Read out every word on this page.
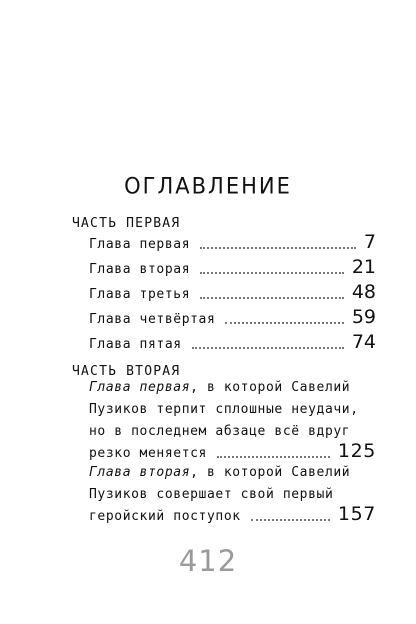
ОГЛАВЛЕНИЕ
ЧАСТЬ ПЕРВАЯ
Глава первая	7
Глава вторая	21
Глава третья	48
Глава четвёртая	59
Глава пятая	74
ЧАСТЬ ВТОРАЯ
Глава первая , в которой Савелий
Пузиков терпит сплошные неудачи,
но в последнем абзаце всё вдруг
резко меняется	125
Глава вторая , в которой Савелий
Пузиков совершает свой первый
геройский поступок	157
412
